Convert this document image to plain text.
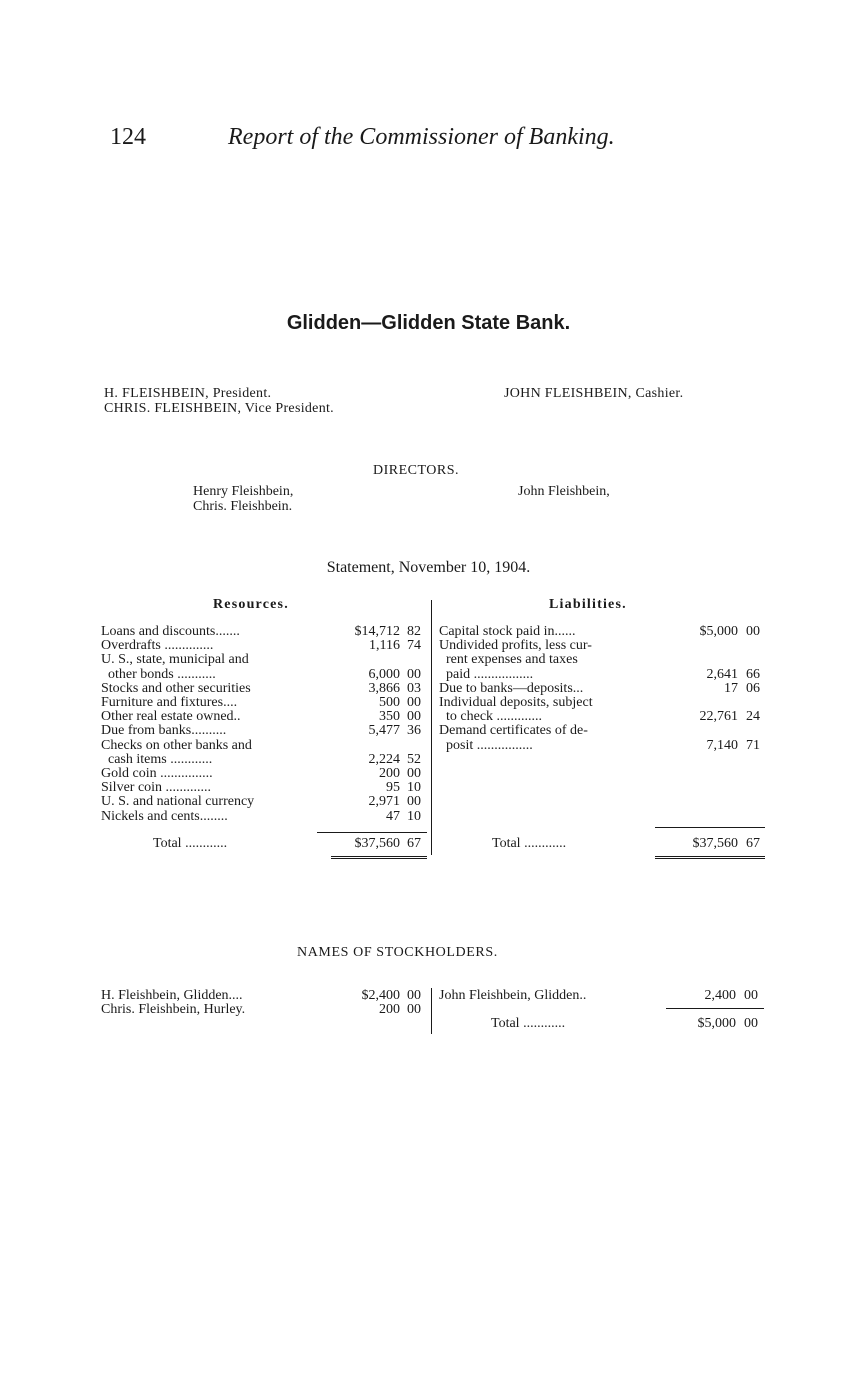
124	Report of the Commissioner of Banking.
Glidden—Glidden State Bank.
H. FLEISHBEIN, President.
CHRIS. FLEISHBEIN, Vice President.
JOHN FLEISHBEIN, Cashier.
DIRECTORS.
Henry Fleishbein,
Chris. Fleishbein.
John Fleishbein,
Statement, November 10, 1904.
Resources.	Liabilities.
Loans and discounts.......	$14,712 82
Overdrafts ..............	1,116 74
U. S., state, municipal and
other bonds ...........	6,000 00
Stocks and other securities	3,866 03
Furniture and fixtures....	500 00
Other real estate owned..	350 00
Due from banks..........	5,477 36
Checks on other banks and
cash items ............	2,224 52
Gold coin ...............	200 00
Silver coin .............	95 10
U. S. and national currency	2,971 00
Nickels and cents........	47 10
Capital stock paid in......	$5,000 00
Undivided profits, less cur-
rent expenses and taxes
paid .................	2,641 66
Due to banks—deposits...	17 06
Individual deposits, subject
to check .............	22,761 24
Demand certificates of de-
posit ................	7,140 71
Total ............	$37,560 67	Total ............	$37,560 67
NAMES OF STOCKHOLDERS.
H. Fleishbein, Glidden....	$2,400 00
Chris. Fleishbein, Hurley.	200 00
John Fleishbein, Glidden..	2,400 00
Total ............	$5,000 00
